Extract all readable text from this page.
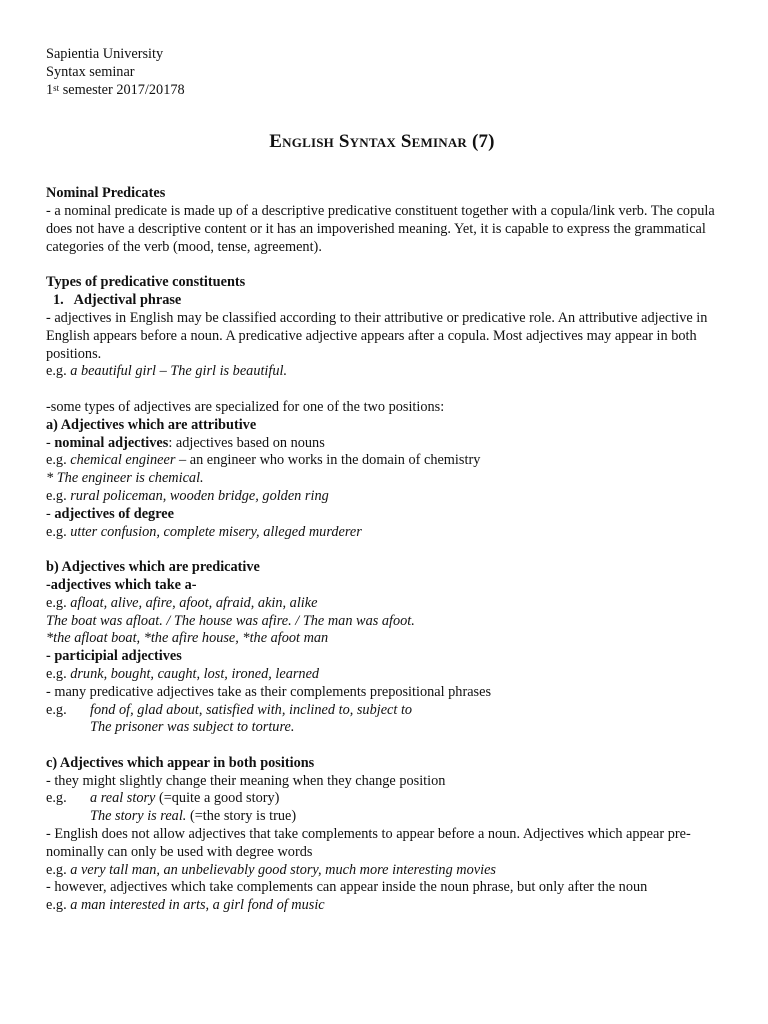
Sapientia University
Syntax seminar
1st semester 2017/20178
English Syntax Seminar (7)
Nominal Predicates
- a nominal predicate is made up of a descriptive predicative constituent together with a copula/link verb. The copula does not have a descriptive content or it has an impoverished meaning. Yet, it is capable to express the grammatical categories of the verb (mood, tense, agreement).
Types of predicative constituents
1.  Adjectival phrase
- adjectives in English may be classified according to their attributive or predicative role. An attributive adjective in English appears before a noun. A predicative adjective appears after a copula. Most adjectives may appear in both positions.
e.g. a beautiful girl – The girl is beautiful.
-some types of adjectives are specialized for one of the two positions:
a) Adjectives which are attributive
- nominal adjectives: adjectives based on nouns
e.g. chemical engineer – an engineer who works in the domain of chemistry
* The engineer is chemical.
e.g. rural policeman, wooden bridge, golden ring
- adjectives of degree
e.g. utter confusion, complete misery, alleged murderer
b) Adjectives which are predicative
-adjectives which take a-
e.g. afloat, alive, afire, afoot, afraid, akin, alike
The boat was afloat. / The house was afire. / The man was afoot.
*the afloat boat, *the afire house, *the afoot man
- participial adjectives
e.g. drunk, bought, caught, lost, ironed, learned
- many predicative adjectives take as their complements prepositional phrases
e.g. fond of, glad about, satisfied with, inclined to, subject to
The prisoner was subject to torture.
c) Adjectives which appear in both positions
- they might slightly change their meaning when they change position
e.g. a real story (=quite a good story)
The story is real. (=the story is true)
- English does not allow adjectives that take complements to appear before a noun. Adjectives which appear pre-nominally can only be used with degree words
e.g. a very tall man, an unbelievably good story, much more interesting movies
- however, adjectives which take complements can appear inside the noun phrase, but only after the noun
e.g. a man interested in arts, a girl fond of music
